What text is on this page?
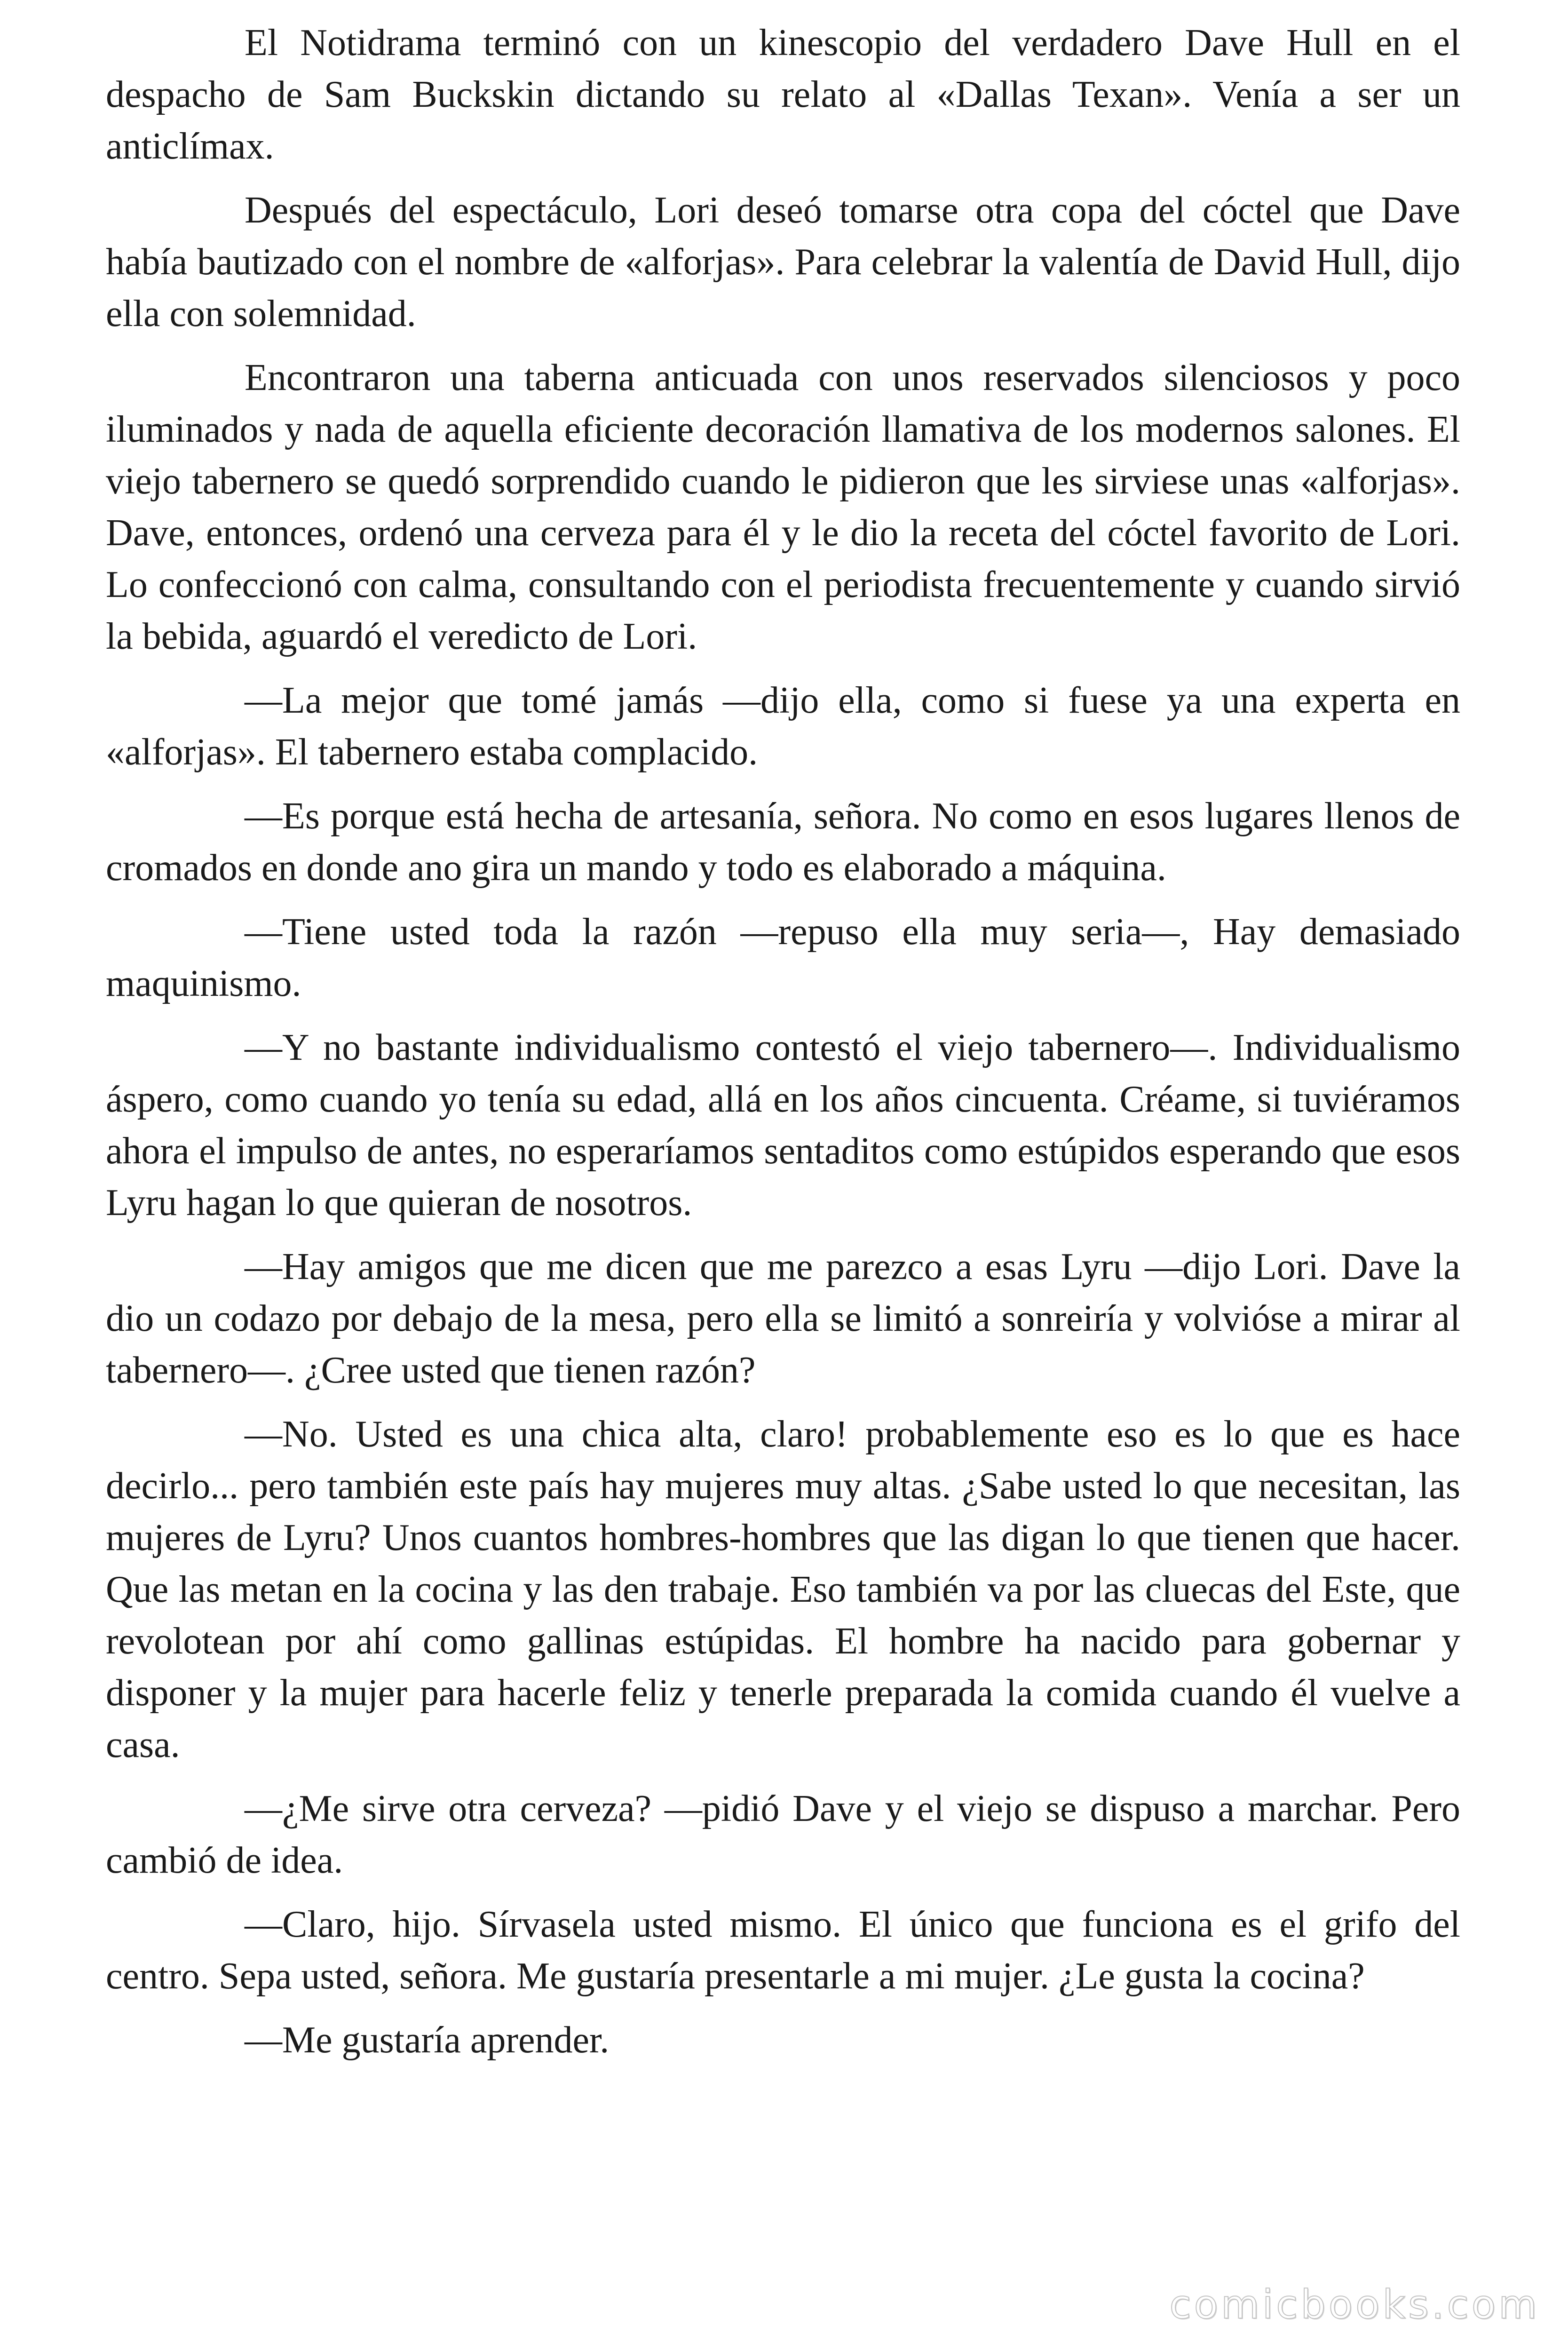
El Notidrama terminó con un kinescopio del verdadero Dave Hull en el despacho de Sam Buckskin dictando su relato al «Dallas Texan». Venía a ser un anticlímax.

Después del espectáculo, Lori deseó tomarse otra copa del cóctel que Dave había bautizado con el nombre de «alforjas». Para celebrar la valentía de David Hull, dijo ella con solemnidad.

Encontraron una taberna anticuada con unos reservados silenciosos y poco iluminados y nada de aquella eficiente decoración llamativa de los modernos salones. El viejo tabernero se quedó sorprendido cuando le pidieron que les sirviese unas «alforjas». Dave, entonces, ordenó una cerveza para él y le dio la receta del cóctel favorito de Lori. Lo confeccionó con calma, consultando con el periodista frecuentemente y cuando sirvió la bebida, aguardó el veredicto de Lori.

—La mejor que tomé jamás —dijo ella, como si fuese ya una experta en «alforjas». El tabernero estaba complacido.

—Es porque está hecha de artesanía, señora. No como en esos lugares llenos de cromados en donde ano gira un mando y todo es elaborado a máquina.

—Tiene usted toda la razón —repuso ella muy seria—, Hay demasiado maquinismo.

—Y no bastante individualismo contestó el viejo tabernero—. Individualismo áspero, como cuando yo tenía su edad, allá en los años cincuenta. Créame, si tuviéramos ahora el impulso de antes, no esperaríamos sentaditos como estúpidos esperando que esos Lyru hagan lo que quieran de nosotros.

—Hay amigos que me dicen que me parezco a esas Lyru —dijo Lori. Dave la dio un codazo por debajo de la mesa, pero ella se limitó a sonreiría y volvióse a mirar al tabernero—. ¿Cree usted que tienen razón?

—No. Usted es una chica alta, claro! probablemente eso es lo que es hace decirlo... pero también este país hay mujeres muy altas. ¿Sabe usted lo que necesitan, las mujeres de Lyru? Unos cuantos hombres-hombres que las digan lo que tienen que hacer. Que las metan en la cocina y las den trabaje. Eso también va por las cluecas del Este, que revolotean por ahí como gallinas estúpidas. El hombre ha nacido para gobernar y disponer y la mujer para hacerle feliz y tenerle preparada la comida cuando él vuelve a casa.

—¿Me sirve otra cerveza? —pidió Dave y el viejo se dispuso a marchar. Pero cambió de idea.

—Claro, hijo. Sírvasela usted mismo. El único que funciona es el grifo del centro. Sepa usted, señora. Me gustaría presentarle a mi mujer. ¿Le gusta la cocina?

—Me gustaría aprender.

comicbooks.com
